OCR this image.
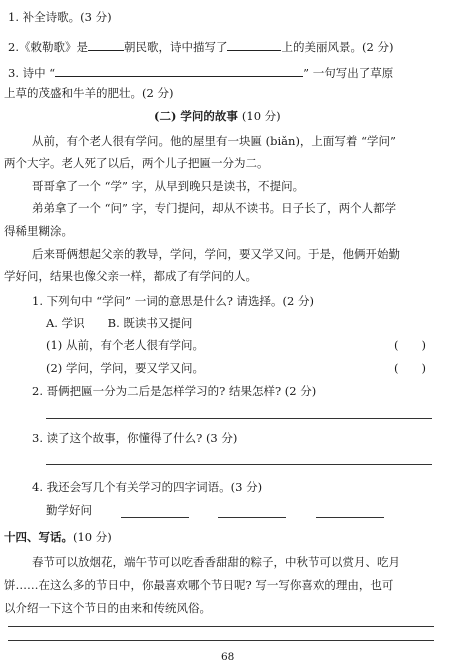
1. 补全诗歌。(3 分)
2.《敕勒歌》是	朝民歌，诗中描写了	上的美丽风景。(2 分)
3. 诗中 “	” 一句写出了草原
上草的茂盛和牛羊的肥壮。(2 分)
(二) 学问的故事 (10 分)
从前，有个老人很有学问。他的屋里有一块匾 (biǎn)，上面写着 “学问”
两个大字。老人死了以后，两个儿子把匾一分为二。
哥哥拿了一个 “学” 字，从早到晚只是读书，不提问。
弟弟拿了一个 “问” 字，专门提问，却从不读书。日子长了，两个人都学
得稀里糊涂。
后来哥俩想起父亲的教导，学问，学问，要又学又问。于是，他俩开始勤
学好问，结果也像父亲一样，都成了有学问的人。
1. 下列句中 “学问” 一词的意思是什么? 请选择。(2 分)
A. 学识　　B. 既读书又提问
(1) 从前，有个老人很有学问。	(　　)
(2) 学问，学问，要又学又问。	(　　)
2. 哥俩把匾一分为二后是怎样学习的? 结果怎样? (2 分)
3. 读了这个故事，你懂得了什么? (3 分)
4. 我还会写几个有关学习的四字词语。(3 分)
勤学好问
十四、写话。(10 分)
春节可以放烟花，端午节可以吃香香甜甜的粽子，中秋节可以赏月、吃月
饼……在这么多的节日中，你最喜欢哪个节日呢? 写一写你喜欢的理由，也可
以介绍一下这个节日的由来和传统风俗。
68
